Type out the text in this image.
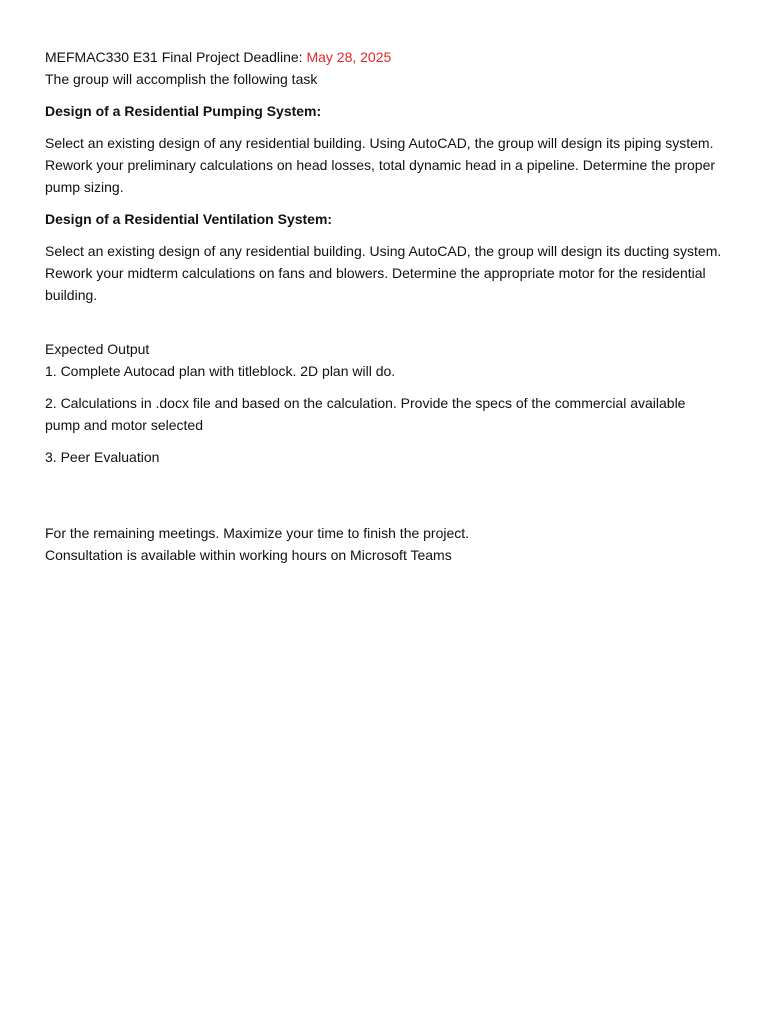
MEFMAC330 E31 Final Project Deadline: May 28, 2025
The group will accomplish the following task

Design of a Residential Pumping System:

Select an existing design of any residential building. Using AutoCAD, the group will design its piping system. Rework your preliminary calculations on head losses, total dynamic head in a pipeline. Determine the proper pump sizing.

Design of a Residential Ventilation System:

Select an existing design of any residential building. Using AutoCAD, the group will design its ducting system. Rework your midterm calculations on fans and blowers. Determine the appropriate motor for the residential building.

Expected Output

1. Complete Autocad plan with titleblock. 2D plan will do.

2. Calculations in .docx file and based on the calculation. Provide the specs of the commercial available pump and motor selected

3. Peer Evaluation

For the remaining meetings. Maximize your time to finish the project.
Consultation is available within working hours on Microsoft Teams
